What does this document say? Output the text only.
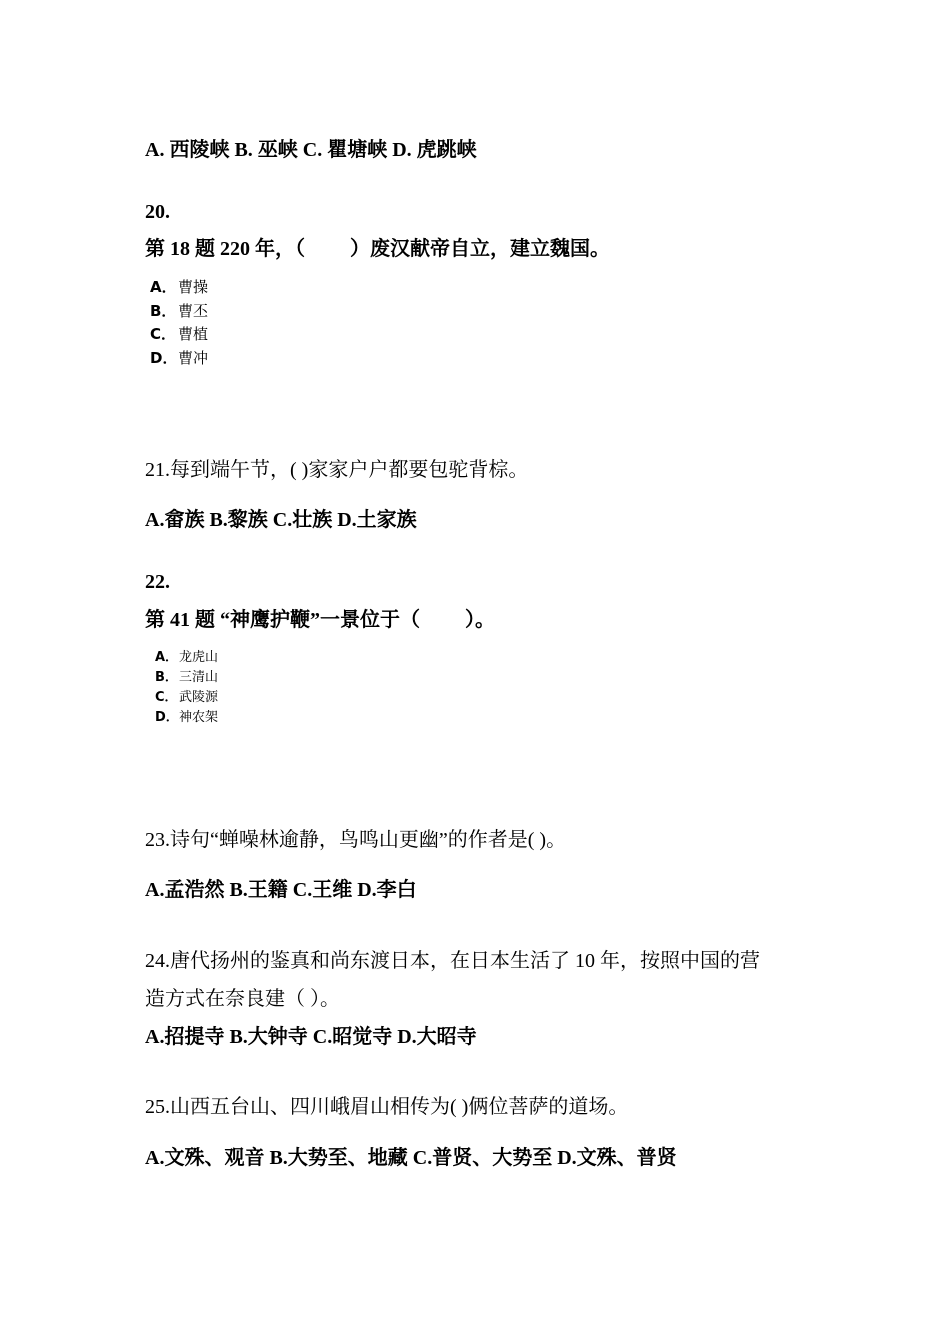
A. 西陵峡 B. 巫峡 C. 瞿塘峡 D. 虎跳峡
20.
第 18 题 220 年，（　　 ）废汉献帝自立，建立魏国。
A．曹操
B． 曹丕
C． 曹植
D．曹冲
21.每到端午节，( )家家户户都要包驼背棕。
A.畲族 B.黎族 C.壮族 D.土家族
22.
第 41 题 “神鹰护鞭”一景位于（　　 ）。
A．龙虎山
B．三清山
C．武陵源
D．神农架
23.诗句“蝉噪林逾静，鸟鸣山更幽”的作者是( )。
A.孟浩然 B.王籍 C.王维 D.李白
24.唐代扬州的鉴真和尚东渡日本，在日本生活了 10 年，按照中国的营
造方式在奈良建（ ）。
A.招提寺 B.大钟寺 C.昭觉寺 D.大昭寺
25.山西五台山、四川峨眉山相传为( )俩位菩萨的道场。
A.文殊、观音 B.大势至、地藏 C.普贤、大势至 D.文殊、普贤
